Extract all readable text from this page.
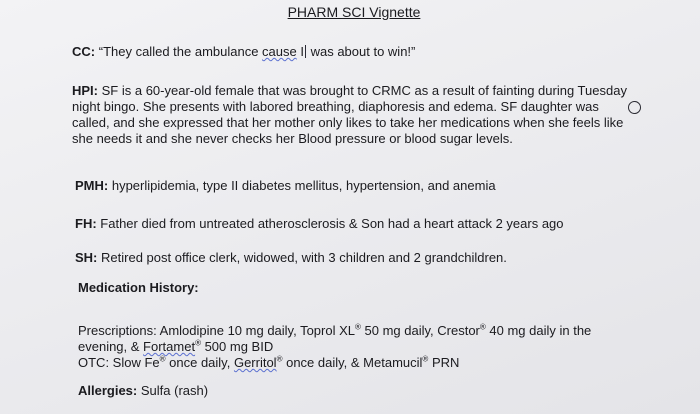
PHARM SCI Vignette
CC: “They called the ambulance cause I was about to win!”
HPI: SF is a 60-year-old female that was brought to CRMC as a result of fainting during Tuesday
night bingo. She presents with labored breathing, diaphoresis and edema. SF daughter was
called, and she expressed that her mother only likes to take her medications when she feels like
she needs it and she never checks her Blood pressure or blood sugar levels.
PMH: hyperlipidemia, type II diabetes mellitus, hypertension, and anemia
FH: Father died from untreated atherosclerosis & Son had a heart attack 2 years ago
SH: Retired post office clerk, widowed, with 3 children and 2 grandchildren.
Medication History:
Prescriptions: Amlodipine 10 mg daily, Toprol XL® 50 mg daily, Crestor® 40 mg daily in the
evening, & Fortamet® 500 mg BID
OTC: Slow Fe® once daily, Gerritol® once daily, & Metamucil® PRN
Allergies: Sulfa (rash)
